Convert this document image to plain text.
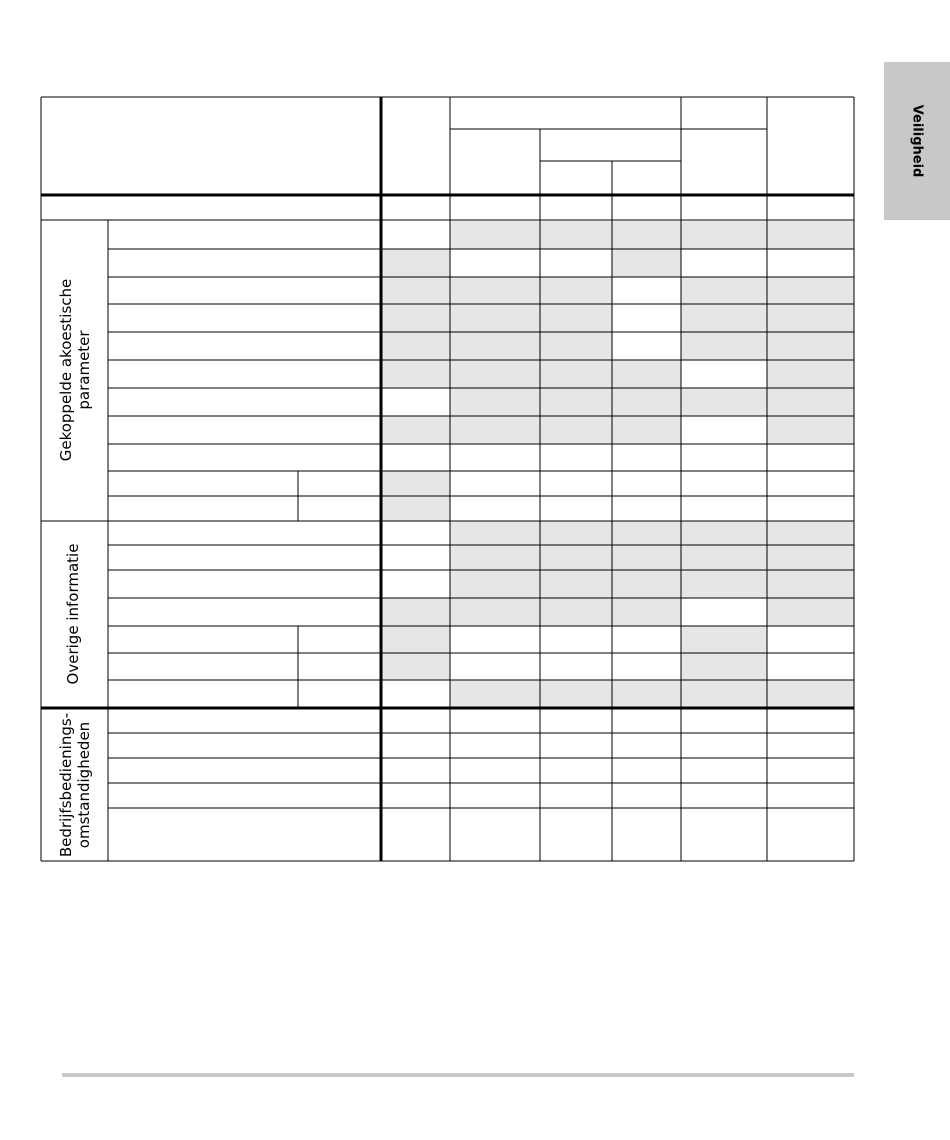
Veiligheid
Gekoppelde akoestische parameter
Overige informatie
Bedrijfsbedienings- omstandigheden
